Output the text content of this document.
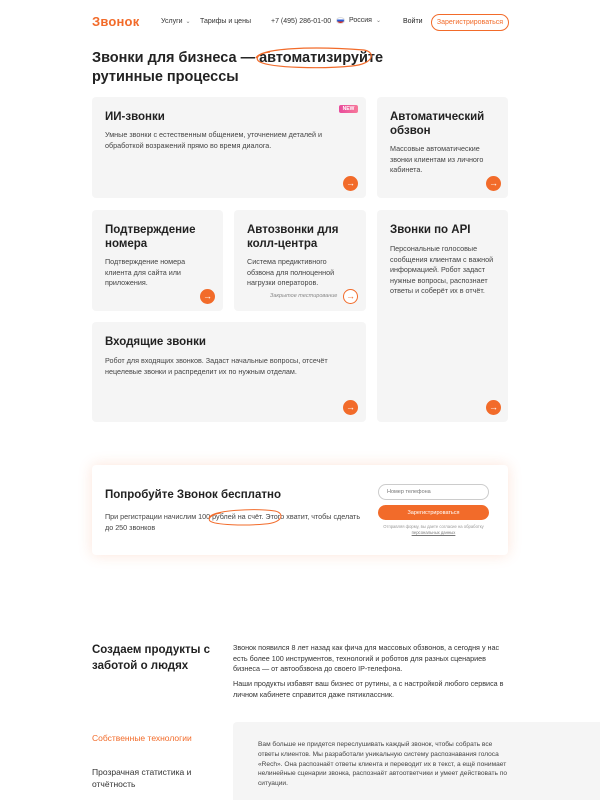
Звонок	Услуги ⌄ Тарифы и цены	+7 (495) 286-01-00	Россия ⌄	Войти	Зарегистрироваться
Звонки для бизнеса — автоматизируйте
рутинные процессы
ИИ-звонки
NEW
Умные звонки с естественным общением, уточнением деталей и обработкой возражений прямо во время диалога.
→
Автоматический обзвон
Массовые автоматические звонки клиентам из личного кабинета.
→
Подтверждение номера
Подтверждение номера клиента для сайта или приложения.
→
Автозвонки для колл-центра
Система предиктивного обзвона для полноценной нагрузки операторов.
Закрытое тестирование →
Звонки по API
Персональные голосовые сообщения клиентам с важной информацией. Робот задаст нужные вопросы, распознает ответы и соберёт их в отчёт.
→
Входящие звонки
Робот для входящих звонков. Задаст начальные вопросы, отсечёт нецелевые звонки и распределит их по нужным отделам.
→
Попробуйте Звонок бесплатно
При регистрации начислим 100 рублей на счёт. Этого хватит, чтобы сделать до 250 звонков
Номер телефона
Зарегистрироваться
Отправляя форму, вы даете согласие на обработку персональных данных
Создаем продукты с заботой о людях
Звонок появился 8 лет назад как фича для массовых обзвонов, а сегодня у нас есть более 100 инструментов, технологий и роботов для разных сценариев бизнеса — от автообзвона до своего IP-телефона.
Наши продукты избавят ваш бизнес от рутины, а с настройкой любого сервиса в личном кабинете справится даже пятиклассник.
Собственные технологии
Прозрачная статистика и отчётность
Вам больше не придется переслушивать каждый звонок, чтобы собрать все ответы клиентов. Мы разработали уникальную систему распознавания голоса «Rech». Она распознаёт ответы клиента и переводит их в текст, а ещё понимает нелинейные сценарии звонка, распознаёт автоответчики и умеет действовать по ситуации.
